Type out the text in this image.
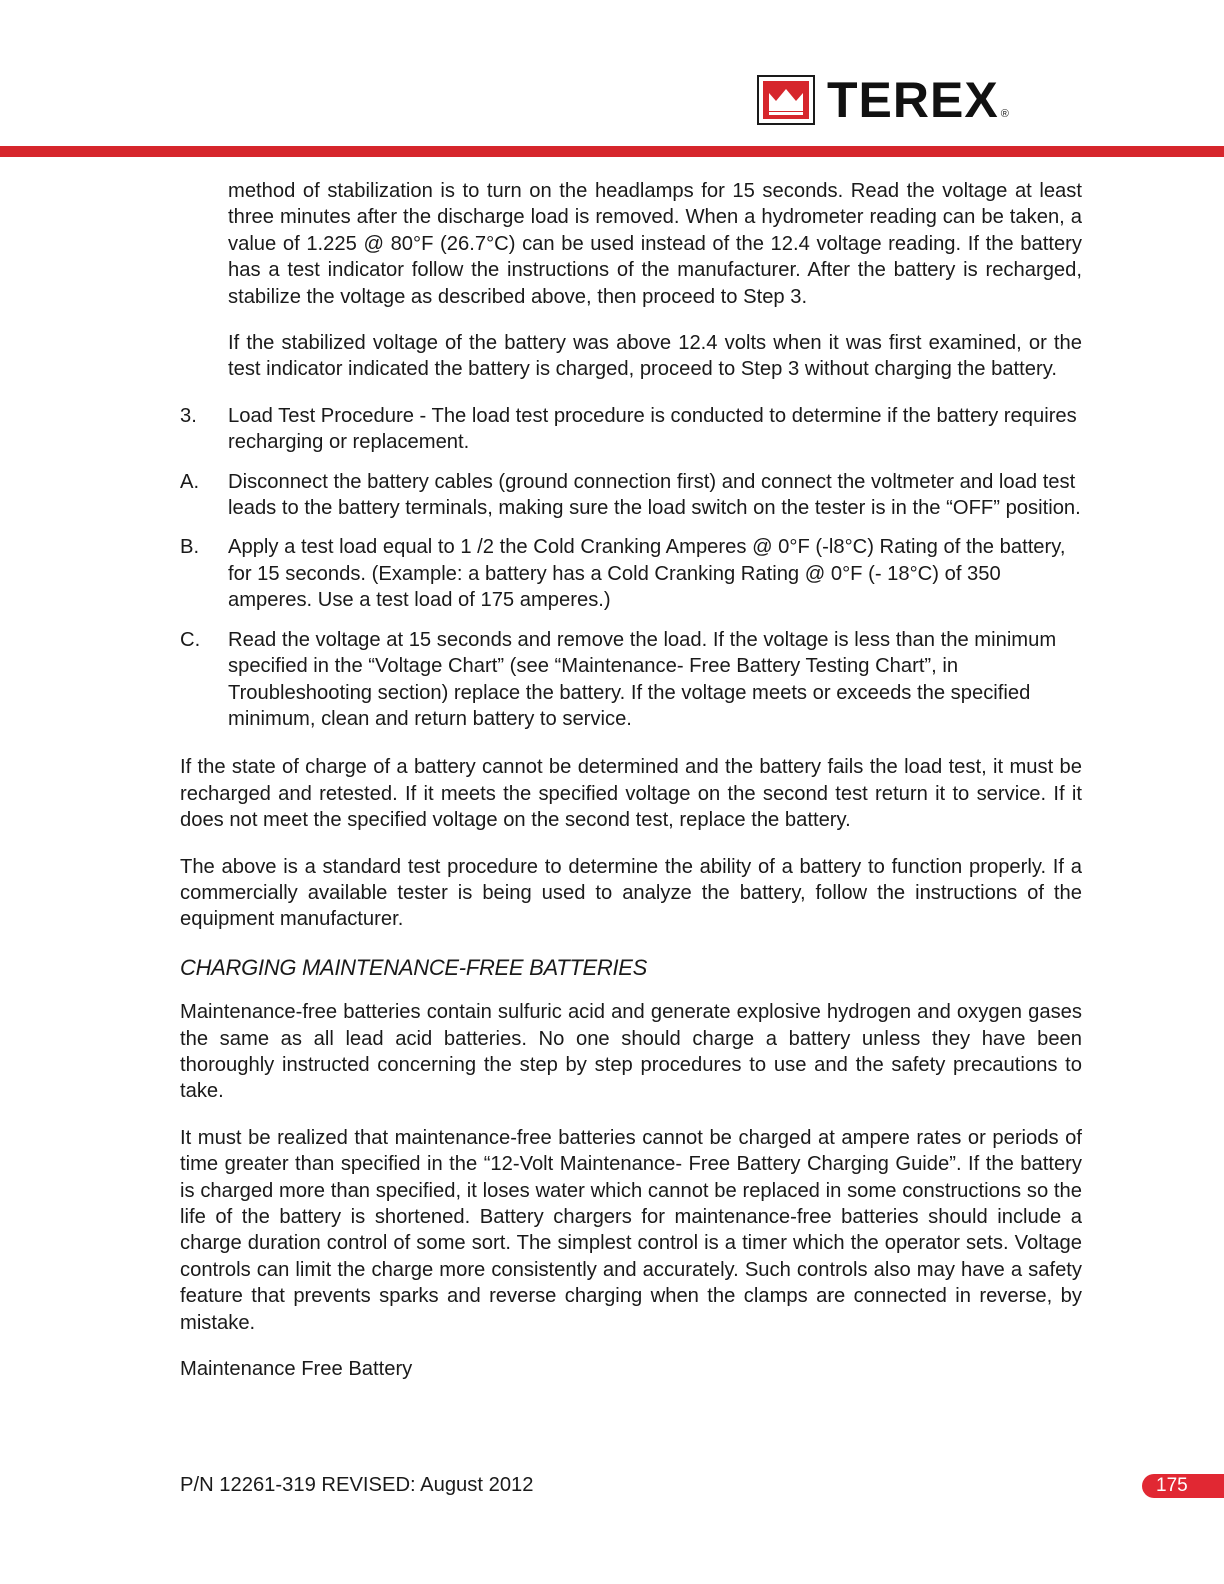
TEREX ®

method of stabilization is to turn on the headlamps for 15 seconds. Read the voltage at least three minutes after the discharge load is removed. When a hydrometer reading can be taken, a value of 1.225 @ 80°F (26.7°C) can be used instead of the 12.4 voltage reading. If the battery has a test indicator follow the instructions of the manufacturer. After the battery is recharged, stabilize the voltage as described above, then proceed to Step 3.

If the stabilized voltage of the battery was above 12.4 volts when it was first examined, or the test indicator indicated the battery is charged, proceed to Step 3 without charging the battery.

3.	Load Test Procedure - The load test procedure is conducted to determine if the battery requires recharging or replacement.
A.	Disconnect the battery cables (ground connection first) and connect the voltmeter and load test leads to the battery terminals, making sure the load switch on the tester is in the “OFF” position.
B.	Apply a test load equal to 1 /2 the Cold Cranking Amperes @ 0°F (-l8°C) Rating of the battery, for 15 seconds. (Example: a battery has a Cold Cranking Rating @ 0°F (- 18°C) of 350 amperes. Use a test load of 175 amperes.)
C.	Read the voltage at 15 seconds and remove the load. If the voltage is less than the minimum specified in the “Voltage Chart” (see “Maintenance- Free Battery Testing Chart”, in Troubleshooting section) replace the battery. If the voltage meets or exceeds the specified minimum, clean and return battery to service.

If the state of charge of a battery cannot be determined and the battery fails the load test, it must be recharged and retested. If it meets the specified voltage on the second test return it to service. If it does not meet the specified voltage on the second test, replace the battery.

The above is a standard test procedure to determine the ability of a battery to function properly. If a commercially available tester is being used to analyze the battery, follow the instructions of the equipment manufacturer.

CHARGING MAINTENANCE-FREE BATTERIES

Maintenance-free batteries contain sulfuric acid and generate explosive hydrogen and oxygen gases the same as all lead acid batteries. No one should charge a battery unless they have been thoroughly instructed concerning the step by step procedures to use and the safety precautions to take.

It must be realized that maintenance-free batteries cannot be charged at ampere rates or periods of time greater than specified in the “12-Volt Maintenance- Free Battery Charging Guide”. If the battery is charged more than specified, it loses water which cannot be replaced in some constructions so the life of the battery is shortened. Battery chargers for maintenance-free batteries should include a charge duration control of some sort. The simplest control is a timer which the operator sets. Voltage controls can limit the charge more consistently and accurately. Such controls also may have a safety feature that prevents sparks and reverse charging when the clamps are connected in reverse, by mistake.

Maintenance Free Battery

P/N 12261-319 REVISED: August 2012	175
